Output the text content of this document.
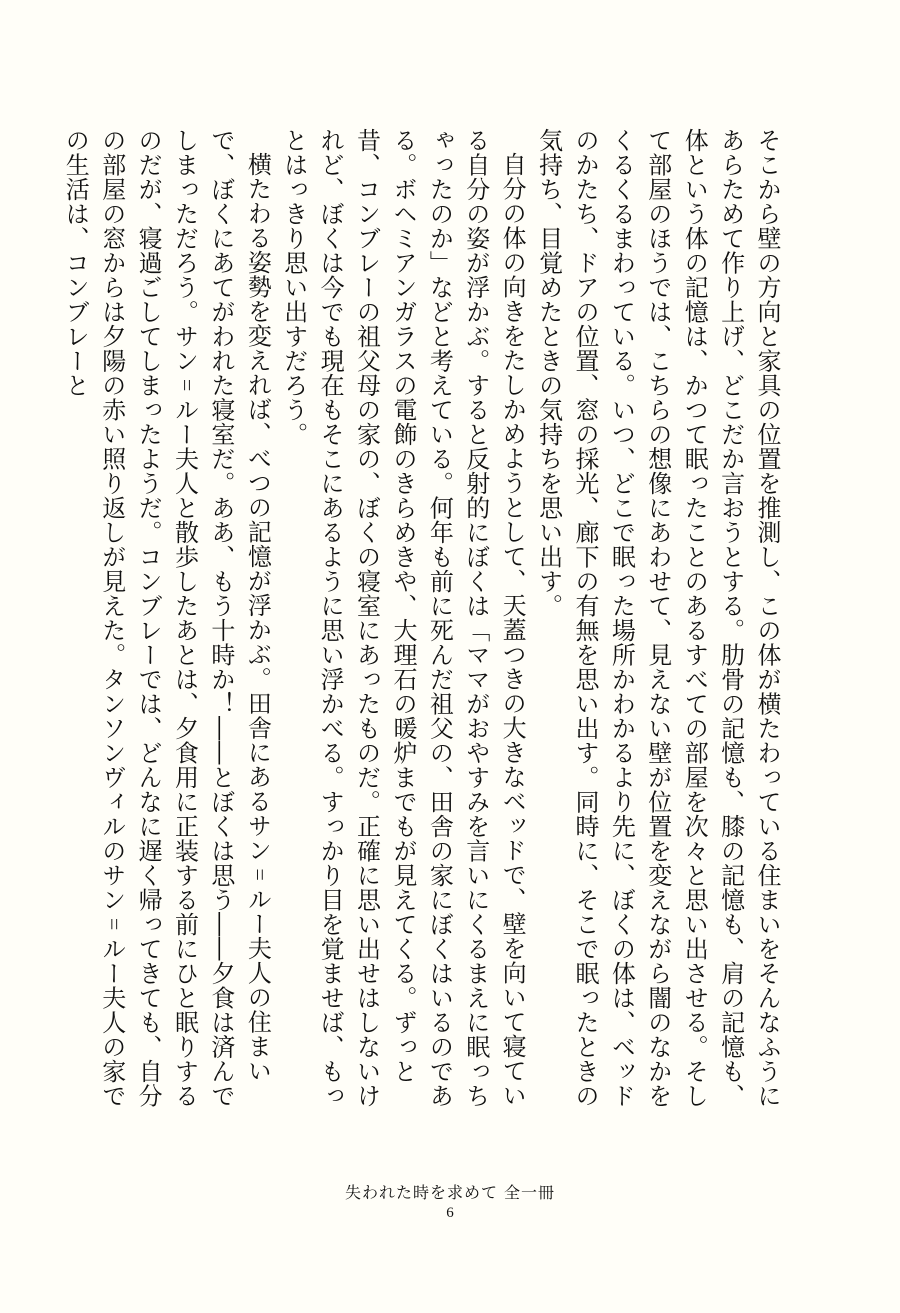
そこから壁の方向と家具の位置を推測し、この体が横たわっている住まいをそんなふうにあらためて作り上げ、どこだか言おうとする。肋骨の記憶も、膝の記憶も、肩の記憶も、体という体の記憶は、かつて眠ったことのあるすべての部屋を次々と思い出させる。そして部屋のほうでは、こちらの想像にあわせて、見えない壁が位置を変えながら闇のなかをくるくるまわっている。いつ、どこで眠った場所かわかるより先に、ぼくの体は、ベッドのかたち、ドアの位置、窓の採光、廊下の有無を思い出す。同時に、そこで眠ったときの気持ち、目覚めたときの気持ちを思い出す。

自分の体の向きをたしかめようとして、天蓋つきの大きなベッドで、壁を向いて寝ている自分の姿が浮かぶ。すると反射的にぼくは「ママがおやすみを言いにくるまえに眠っちゃったのか」などと考えている。何年も前に死んだ祖父の、田舎の家にぼくはいるのである。ボヘミアンガラスの電飾のきらめきや、大理石の暖炉までもが見えてくる。ずっと昔、コンブレーの祖父母の家の、ぼくの寝室にあったものだ。正確に思い出せはしないけれど、ぼくは今でも現在もそこにあるように思い浮かべる。すっかり目を覚ませば、もっとはっきり思い出すだろう。

横たわる姿勢を変えれば、べつの記憶が浮かぶ。田舎にあるサン゠ルー夫人の住まいで、ぼくにあてがわれた寝室だ。ああ、もう十時か！――とぼくは思う――夕食は済んでしまっただろう。サン゠ルー夫人と散歩したあとは、夕食用に正装する前にひと眠りするのだが、寝過ごしてしまったようだ。コンブレーでは、どんなに遅く帰ってきても、自分の部屋の窓からは夕陽の赤い照り返しが見えた。タンソンヴィルのサン゠ルー夫人の家での生活は、コンブレーと

失われた時を求めて 全一冊
6
